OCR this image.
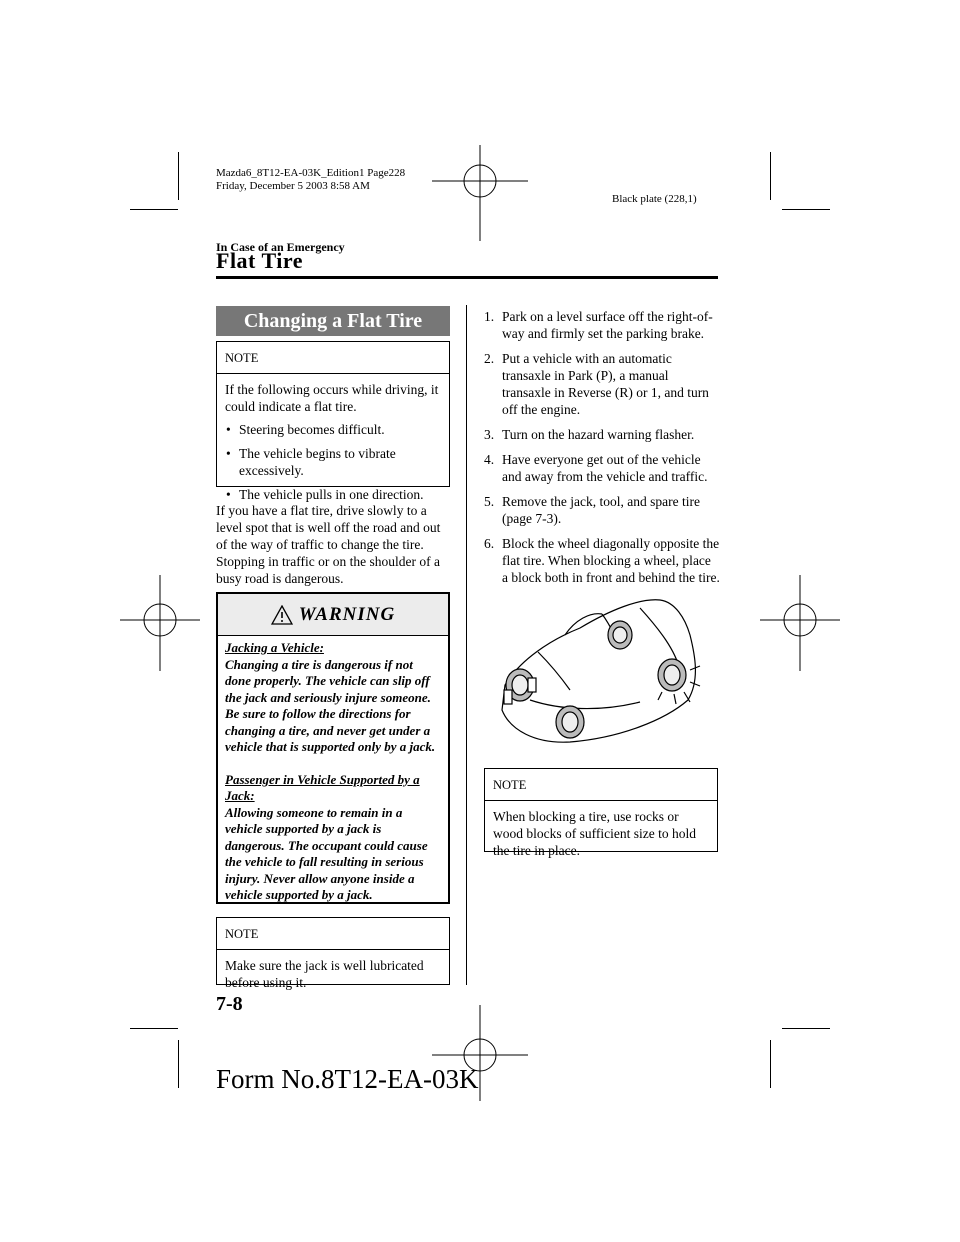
Mazda6_8T12-EA-03K_Edition1 Page228
Friday, December 5 2003 8:58 AM
Black plate (228,1)
In Case of an Emergency
Flat Tire
Changing a Flat Tire
NOTE
If the following occurs while driving, it could indicate a flat tire.
• Steering becomes difficult.
• The vehicle begins to vibrate excessively.
• The vehicle pulls in one direction.
If you have a flat tire, drive slowly to a level spot that is well off the road and out of the way of traffic to change the tire. Stopping in traffic or on the shoulder of a busy road is dangerous.
WARNING
Jacking a Vehicle:
Changing a tire is dangerous if not done properly. The vehicle can slip off the jack and seriously injure someone. Be sure to follow the directions for changing a tire, and never get under a vehicle that is supported only by a jack.
Passenger in Vehicle Supported by a Jack:
Allowing someone to remain in a vehicle supported by a jack is dangerous. The occupant could cause the vehicle to fall resulting in serious injury. Never allow anyone inside a vehicle supported by a jack.
NOTE
Make sure the jack is well lubricated before using it.
1. Park on a level surface off the right-of-way and firmly set the parking brake.
2. Put a vehicle with an automatic transaxle in Park (P), a manual transaxle in Reverse (R) or 1, and turn off the engine.
3. Turn on the hazard warning flasher.
4. Have everyone get out of the vehicle and away from the vehicle and traffic.
5. Remove the jack, tool, and spare tire (page 7-3).
6. Block the wheel diagonally opposite the flat tire. When blocking a wheel, place a block both in front and behind the tire.
NOTE
When blocking a tire, use rocks or wood blocks of sufficient size to hold the tire in place.
7-8
Form No.8T12-EA-03K
